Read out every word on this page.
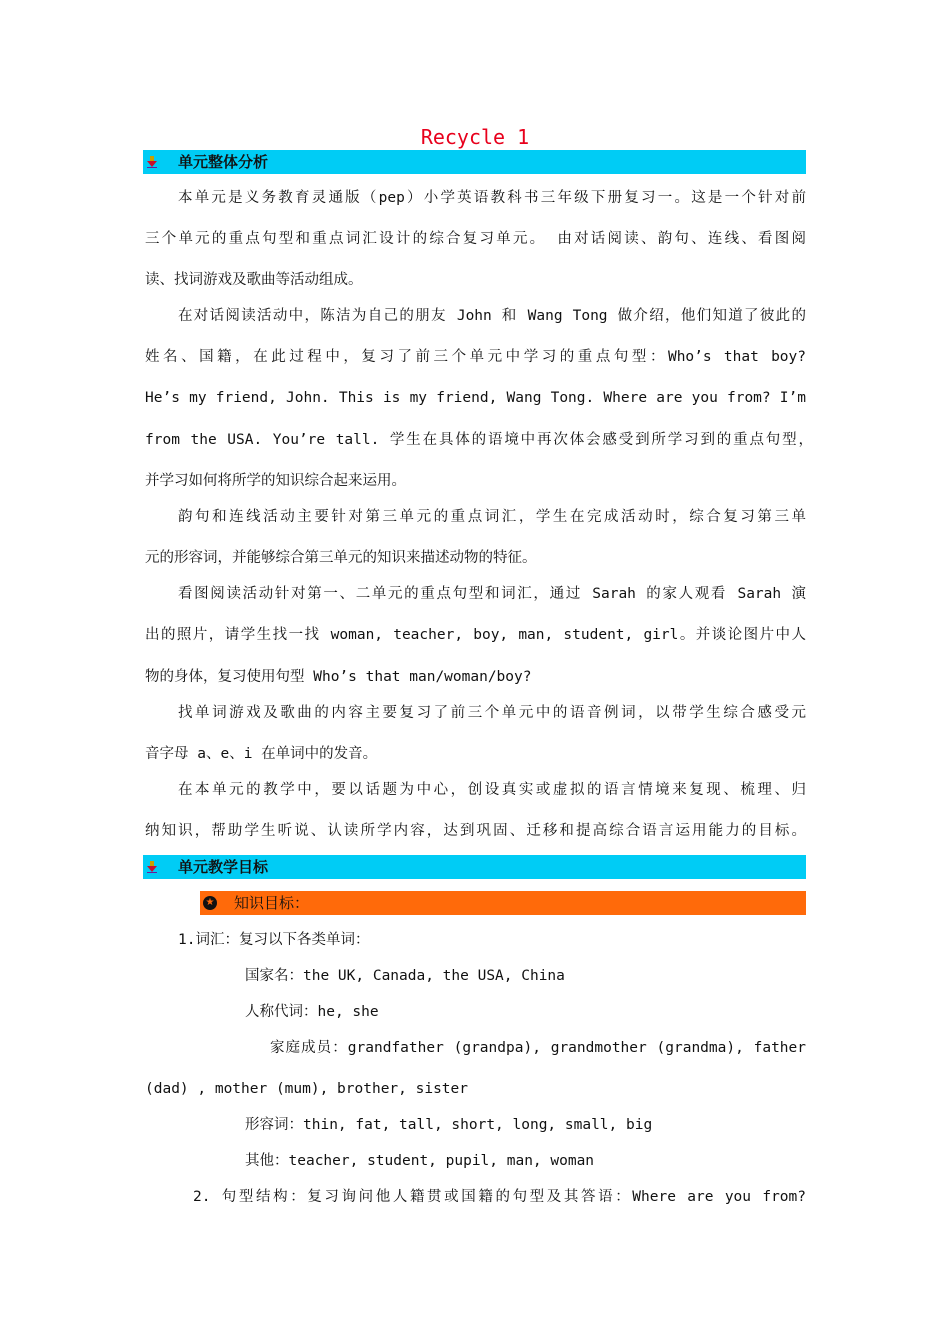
Recycle 1
单元整体分析
本单元是义务教育灵通版（pep）小学英语教科书三年级下册复习一。这是一个针对前
三个单元的重点句型和重点词汇设计的综合复习单元。 由对话阅读、韵句、连线、看图阅
读、找词游戏及歌曲等活动组成。
在对话阅读活动中，陈洁为自己的朋友 John 和 Wang Tong 做介绍，他们知道了彼此的
姓名、国籍，在此过程中，复习了前三个单元中学习的重点句型：Who’s that boy?
He’s my friend, John. This is my friend, Wang Tong. Where are you from? I’m
from the USA. You’re tall. 学生在具体的语境中再次体会感受到所学习到的重点句型，
并学习如何将所学的知识综合起来运用。
韵句和连线活动主要针对第三单元的重点词汇，学生在完成活动时，综合复习第三单
元的形容词，并能够综合第三单元的知识来描述动物的特征。
看图阅读活动针对第一、二单元的重点句型和词汇，通过 Sarah 的家人观看 Sarah 演
出的照片，请学生找一找 woman, teacher, boy, man, student, girl。并谈论图片中人
物的身体，复习使用句型 Who’s that man/woman/boy?
找单词游戏及歌曲的内容主要复习了前三个单元中的语音例词，以带学生综合感受元
音字母 a、e、i 在单词中的发音。
在本单元的教学中，要以话题为中心，创设真实或虚拟的语言情境来复现、梳理、归
纳知识，帮助学生听说、认读所学内容，达到巩固、迁移和提高综合语言运用能力的目标。
单元教学目标
★ 知识目标：
1.词汇：复习以下各类单词：
国家名：the UK, Canada, the USA, China
人称代词：he, she
家庭成员：grandfather (grandpa), grandmother (grandma), father
(dad) , mother (mum), brother, sister
形容词：thin, fat, tall, short, long, small, big
其他：teacher, student, pupil, man, woman
2. 句型结构：复习询问他人籍贯或国籍的句型及其答语：Where are you from?
